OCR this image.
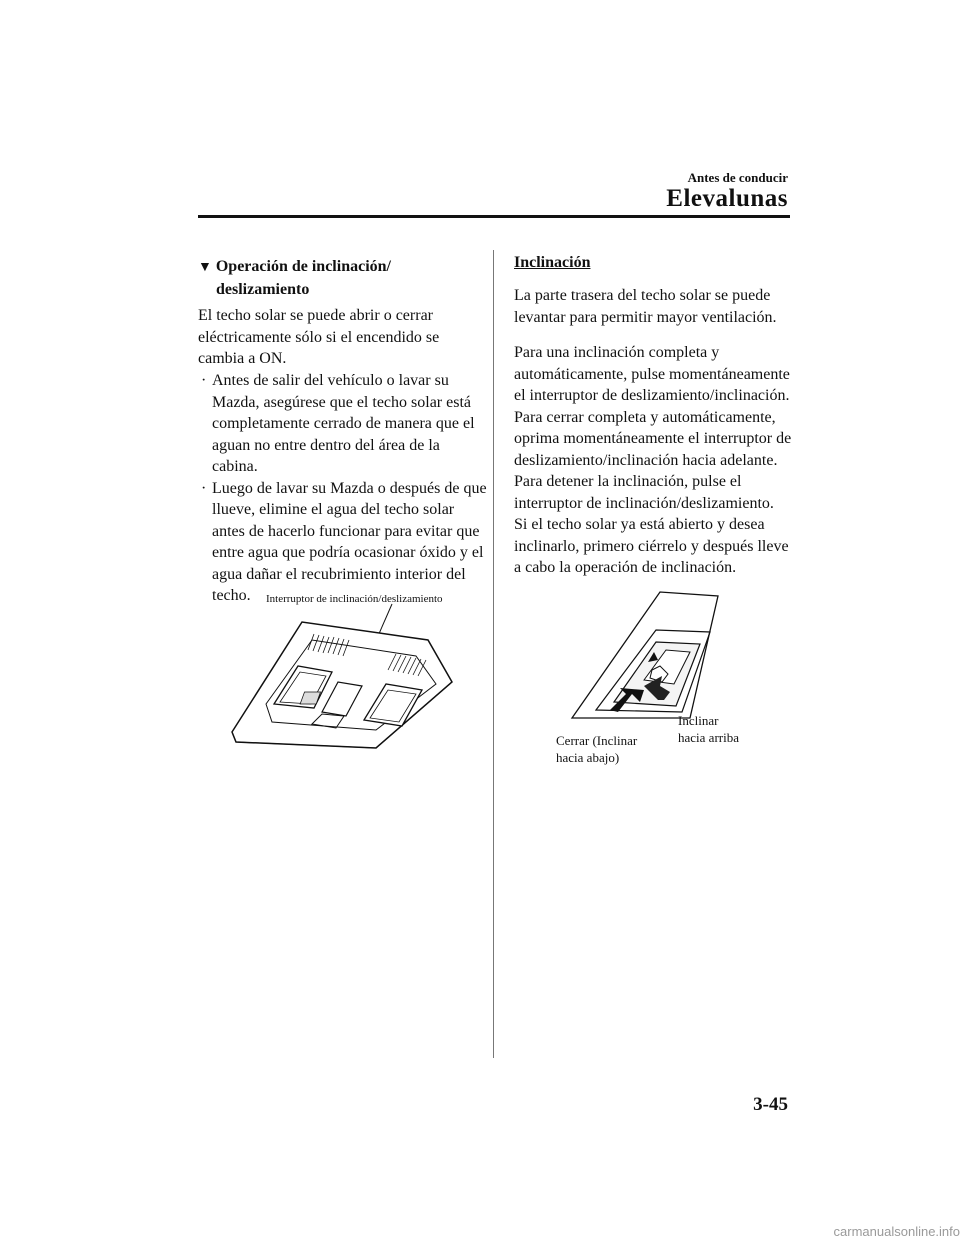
Antes de conducir
Elevalunas
▼ Operación de inclinación/
deslizamiento
El techo solar se puede abrir o cerrar eléctricamente sólo si el encendido se cambia a ON.
· Antes de salir del vehículo o lavar su Mazda, asegúrese que el techo solar está completamente cerrado de manera que el aguan no entre dentro del área de la cabina.
· Luego de lavar su Mazda o después de que llueve, elimine el agua del techo solar antes de hacerlo funcionar para evitar que entre agua que podría ocasionar óxido y el agua dañar el recubrimiento interior del techo.	Interruptor de inclinación/deslizamiento
Inclinación
La parte trasera del techo solar se puede levantar para permitir mayor ventilación.
Para una inclinación completa y automáticamente, pulse momentáneamente el interruptor de deslizamiento/inclinación.
Para cerrar completa y automáticamente, oprima momentáneamente el interruptor de deslizamiento/inclinación hacia adelante.
Para detener la inclinación, pulse el interruptor de inclinación/deslizamiento.
Si el techo solar ya está abierto y desea inclinarlo, primero ciérrelo y después lleve a cabo la operación de inclinación.
Inclinar
hacia arriba
Cerrar (Inclinar
hacia abajo)
3-45
carmanualsonline.info
